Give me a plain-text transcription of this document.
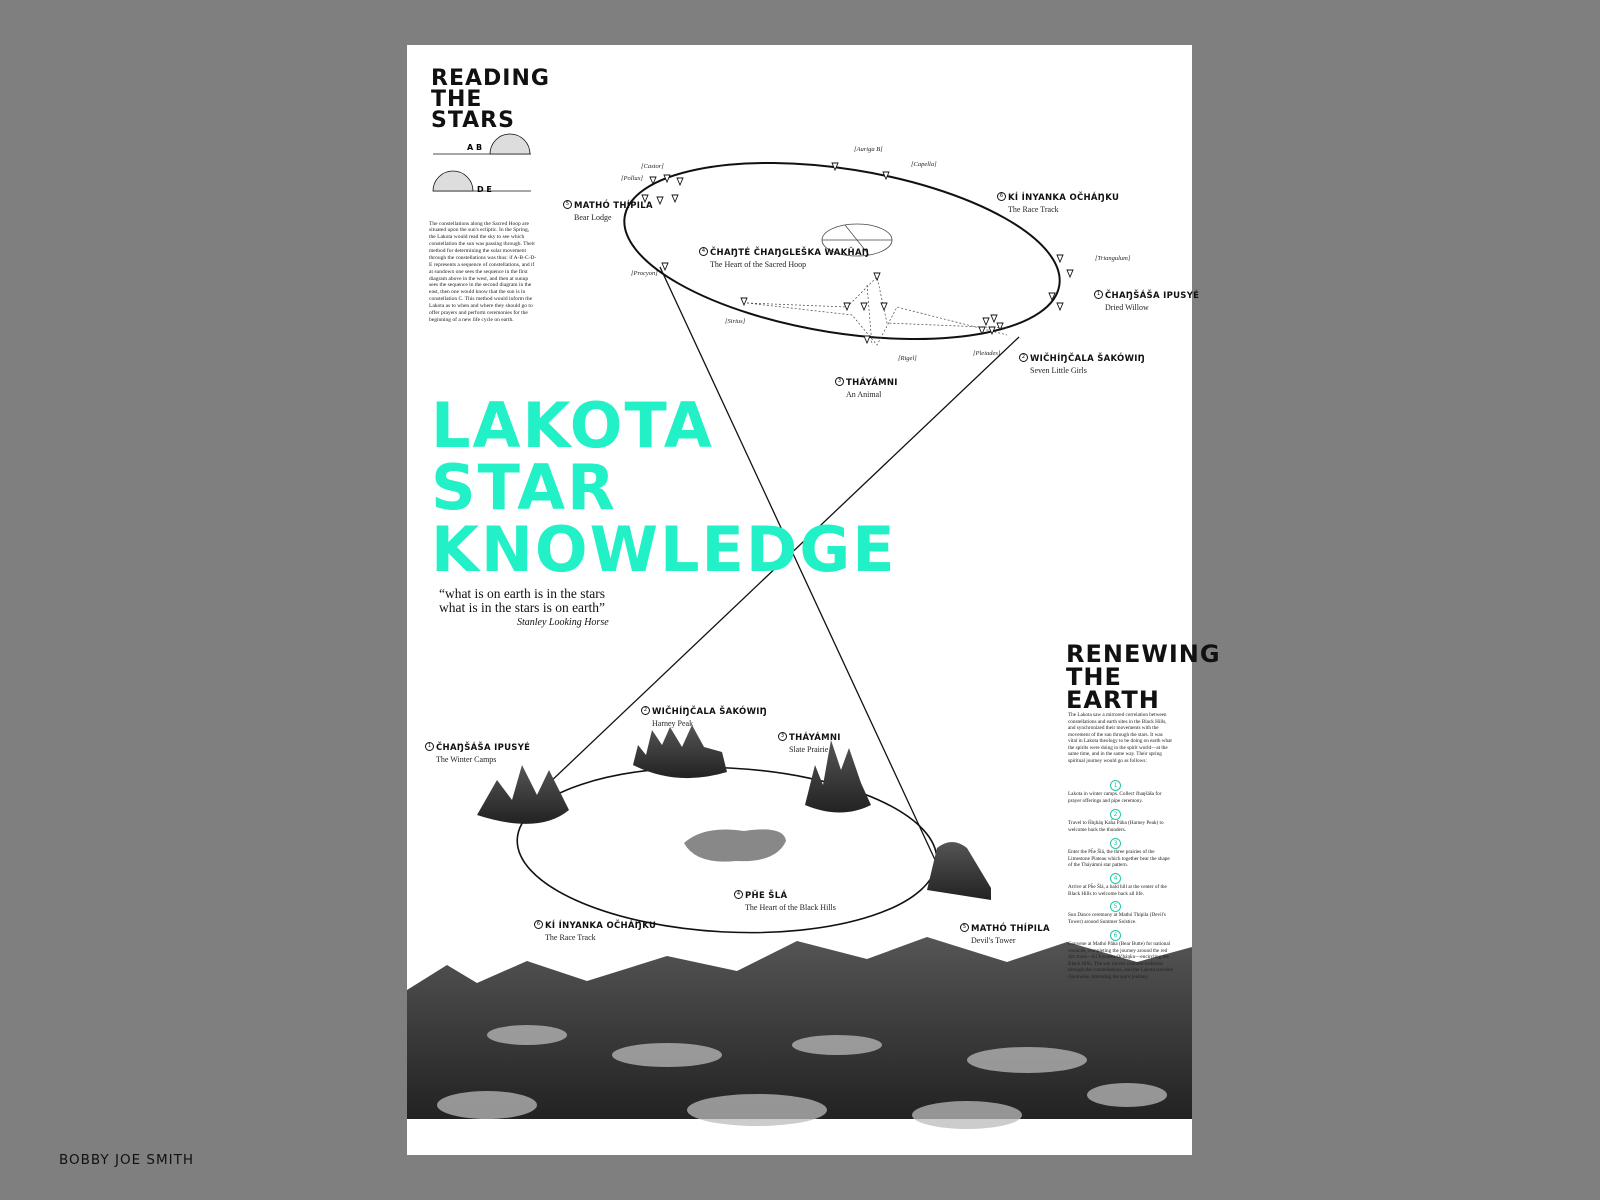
READING THE STARS
A B
D E

The constellations along the Sacred Hoop are situated upon the sun's ecliptic. In the Spring, the Lakota would read the sky to see which constellation the sun was passing through. Their method for determining the solar movement through the constellations was thus: if A-B-C-D-E represents a sequence of constellations, and if at sundown one sees the sequence in the first diagram above in the west, and then at sunup sees the sequence in the second diagram in the east, then one would know that the sun is in constellation C. This method would inform the Lakota as to when and where they should go to offer prayers and perform ceremonies for the beginning of a new life cycle on earth.

LAKOTA
STAR
KNOWLEDGE

“what is on earth is in the stars what is in the stars is on earth”

Stanley Looking Horse
RENEWING THE EARTH

The Lakota saw a mirrored correlation between constellations and earth sites in the Black Hills, and synchronized their movements with the movement of the sun through the stars. It was vital in Lakota theology to be doing on earth what the spirits were doing in the spirit world—at the same time, and in the same way. Their spring spiritual journey would go as follows:

1

Lakota in winter camps. Collect čhaŋšáša for prayer offerings and pipe ceremony.

2

Travel to Ḧiŋháŋ Kaȟa Páha (Harney Peak) to welcome back the thunders.

3

Enter the Pȟe Šlá, the three prairies of the Limestone Plateau which together bear the shape of the Tháyámni star pattern.

4

Arrive at Pȟe Šlá, a bald hill at the center of the Black Hills to welcome back all life.

5

Sun Dance ceremony at Mathó Thípila (Devil's Tower) around Summer Solstice.

6

Convene at Mathó Páha (Bear Butte) for national councils, completing the journey around the red dirt track—Kí Ínyanka Očháŋku—encircling the Black Hills. The sun moves counterclockwise through the constellations, and the Lakota traveled clockwise, mirroring the sun's journey.

1 ČHAŊŠÁŠA IPUSYÉ
Dried Willow
2 WIČHÍŊČALA ŠAKÓWIŊ
Seven Little Girls
3 THÁYÁMNI
An Animal
4 ČHAŊTÉ ČHAŊGLEŠKA WAKȞAŊ
The Heart of the Sacred Hoop
5 MATHÓ THÍPILA
Bear Lodge
6 KÍ ÍNYANKA OČHÁŊKU
The Race Track
[Castor]
[Pollux]
[Auriga B]
[Capella]
[Triangulum]
[Procyon]
[Sirius]
[Rigel]
[Pleiades]
1 ČHAŊŠÁŠA IPUSYÉ
The Winter Camps
2 WIČHÍŊČALA ŠAKÓWIŊ
Harney Peak
3 THÁYÁMNI
Slate Prairie
4 PȞE ŠLÁ
The Heart of the Black Hills
5 MATHÓ THÍPILA
Devil's Tower
6 KÍ ÍNYANKA OČHÁŊKU
The Race Track
BOBBY JOE SMITH
